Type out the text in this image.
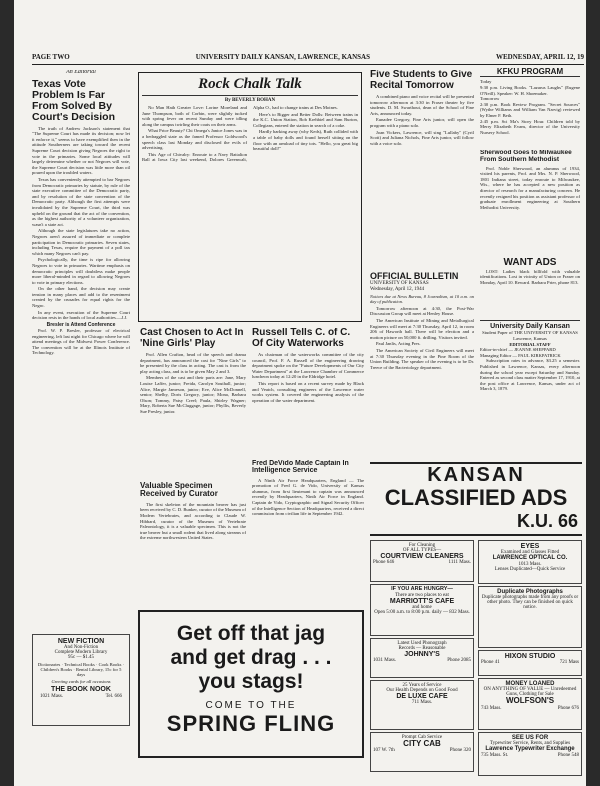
PAGE TWO	UNIVERSITY DAILY KANSAN, LAWRENCE, KANSAS	WEDNESDAY, APRIL 12, 19
An Editorial
Texas Vote Problem Is Far From Solved By Court's Decision

The truth of Andrew Jackson's statement that "The Supreme Court has made its decision; now let it enforce it," seems to have exemplified then in the attitude Southerners are taking toward the recent Supreme Court decision giving Negroes the right to vote in the primaries. Some local attitudes will largely determine whether or not Negroes will vote, the Supreme Court decision was little more than oil poured upon the troubled waters.

Texas has conveniently attempted to bar Negroes from Democratic primaries by statute, by rule of the state executive committee of the Democratic party, and by resolution of the state convention of the Democratic party. Although the first attempts were invalidated by the Supreme Court, the third was upheld on the ground that the act of the convention, as the highest authority of a volunteer organization, wasn't a state act.

Although the state legislatures take no action, Negroes aren't assured of immediate or complete participation in Democratic primaries. Seven states, including Texas, require the payment of a poll tax which many Negroes can't pay.

Psychologically, the time is ripe for allowing Negroes to vote in primaries. Wartime emphasis on democratic principles will doubtless make people more liberal-minded in regard to allowing Negroes to vote in primary elections.

On the other hand, the decision may create tension in many places and add to the resentment created by the crusades for equal rights for the Negro.

In any event, execution of the Supreme Court decision rests in the hands of local authorities.—J.J.

Bresler is Attend Conference

Prof. W. P. Bresler, professor of electrical engineering, left last night for Chicago where he will attend meetings of the Midwest Power Conference. The convention will be at the Illinois Institute of Technology.

NEW FICTION
And Non-Fiction
Complete Modern Library
95c — $1.45
Dictionaries · Technical Books · Cook Books · Children's Books · Rental Library, 15c for 5 days
Greeting cards for all occasions
THE BOOK NOOK
1021 Mass.	Tel. 666
Rock Chalk Talk
By BEVERLY BOHAN

No Man Hath Greater Love: Lorine Moreland and June Thompson, both of Corbin, were slightly tucked with spring fever on recent Sunday and were idling along the campus twirling their coats on their arms.

What Price Beauty? Chi Omega's Janice Jones was in a bedraggled state as the famed Professor Goldwood's speech class last Monday and disclosed the evils of advertising.

This Age of Chivalry: Enroute to a Navy Battalion Ball at Iowa City last weekend, Dolores Greenwalt, Alpha O., had to change trains at Des Moines.

Here's to Bigger and Better Dolls: Between trains in the K.C. Union Station, Bob Krehbiel and Sam Burton, Collegians, entered the station in search of a coke.

Hardly barking away (why Keds), Ruth collided with a table of baby dolls and found herself sitting on the floor with an armload of tiny tots. "Hello, you great big beautiful doll!"

Cast Chosen to Act In 'Nine Girls' Play

Prof. Allen Crafton, head of the speech and drama department, has announced the cast for "Nine Girls" to be presented by the class in acting. The cast is from the play acting class, and is to be given May 2 and 3.

Members of the cast and their parts are: Jane, Mary Louise Laffer, junior; Freida, Carolyn Southall, junior; Alice, Margie Jameson, junior; Eve, Alice McDonnell, senior; Shelby, Doris Gregory, junior; Mona, Barbara Olson; Tommy, Patsy Creel; Paula, Shirley Wagner; Mary, Roberta Sue McCluggage, junior; Phyllis, Beverly Sue Presley, junior.

Valuable Specimen Received by Curator

The first skeleton of the mountain beaver has just been received by C. D. Bunker, curator of the Museum of Modern Vertebrates, and according to Claude W. Hibbard, curator of the Museum of Vertebrate Paleontology, it is a valuable specimen. This is not the true beaver but a small rodent that lived along streams of the extreme northwestern United States.

Russell Tells C. of C. Of City Waterworks

As chairman of the waterworks committee of the city council, Prof. F. A. Russell of the engineering drawing department spoke on the "Future Developments of Our City Water Department" at the Lawrence Chamber of Commerce luncheon today at 12:20 in the Eldridge hotel.

This report is based on a recent survey made by Black and Veatch, consulting engineers of the Lawrence water works system. It covered the engineering analysis of the operation of the water department.

Fred DeVido Made Captain In Intelligence Service

A Ninth Air Force Headquarters, England — The promotion of Fred G. de Vido, University of Kansas alumnus, from first lieutenant to captain was announced recently by Headquarters, Ninth Air Force in England. Captain de Vido, Cryptographic and Signal Security Officer of the Intelligence Section of Headquarters, received a direct commission from civilian life in September 1942.

Get off that jag
and get drag . . .
you stags!
COME TO THE
SPRING FLING
Five Students to Give Recital Tomorrow

A combined piano and voice recital will be presented tomorrow afternoon at 3:30 in Fraser theater by five students. D. M. Swarthout, dean of the School of Fine Arts, announced today.

Eunadee Gregory, Fine Arts junior, will open the program with a piano solo.

Joan Vickers, Lawrence, will sing "Lullaby" (Cyril Scott) and Juliana Nichols, Fine Arts junior, will follow with a voice solo.

OFFICIAL BULLETIN
UNIVERSITY OF KANSAS
Wednesday, April 12, 1944
Notices due at News Bureau, 8 Journalism, at 10 a.m. on day of publication.

Tomorrow afternoon at 4:30, the Post-War Discussion Group will meet at Henley House.

The American Institute of Mining and Metallurgical Engineers will meet at 7:30 Thursday, April 12, in room 206 of Haworth hall. There will be election and a motion picture on 50,000 ft. drilling. Visitors invited.

Paul Janlis, Acting Pres.

The American Society of Civil Engineers will meet at 7:30 Thursday evening in the Pine Room of the Union Building. The speaker of the evening is to be Dr. Treece of the Bacteriology department.

KFKU PROGRAM
Today
9:30 p.m. Living Books. "Lazarus Laughs" (Eugene O'Neill). Speaker: W. H. Shoemaker.
Tomorrow
2:30 p.m. Book Review Program. "Secret Sources" (Wythe Williams and William Van Narvig) reviewed by Elmer F. Beth.
2:45 p.m. Sci Ma's Story Hour. Children told by Merry Elizabeth Evans, director of the University Nursery School.
Sherwood Goes to Milwaukee From Southern Methodist

Prof. Noble Sherwood, an alumnus of 1934, visited his parents, Prof. and Mrs. N. P. Sherwood, 1801 Indiana street, today enroute to Milwaukee, Wis., where he has accepted a new position as director of research for a manufacturing concern. He recently resigned his position as assistant professor of graduate enrollment engineering at Southern Methodist University.

WANT ADS

LOST: Ladies black billfold with valuable identifications. Lost in vicinity of Union or Fraser on Monday, April 10. Reward. Barbara Prier, phone 813.

University Daily Kansan
Student Paper of THE UNIVERSITY OF KANSAS
Lawrence, Kansas
EDITORIAL STAFF
Editor-in-chief — JEANNE SHEPPARD
Managing Editor — PAUL KIRKPATRICK

Subscription rates in advance, $3.25 a semester. Published in Lawrence, Kansas, every afternoon during the school year except Saturday and Sunday. Entered as second class matter September 17, 1910, at the post office at Lawrence, Kansas, under act of March 3, 1879.

KANSAN
CLASSIFIED ADS
K.U. 66
For Cleaning
OF ALL TYPES—
COURTVIEW CLEANERS
Phone 646	1111 Mass.
IF YOU ARE HUNGRY—
There are two places to eat
MARRIOTT'S CAFE
and home
Open 5:00 a.m. to 8:00 p.m. daily — 832 Mass.
Latest Used Phonograph
Records — Reasonable
JOHNNY'S
1031 Mass.	Phone 2085
25 Years of Service
Our Health Depends on Good Food
DE LUXE CAFE
711 Mass.
Prompt Cab Service
CITY CAB
107 W. 7th	Phone 320
EYES
Examined and Glasses Fitted
LAWRENCE OPTICAL CO.
1013 Mass.
Lenses Duplicated—Quick Service
Duplicate Photographs
Duplicate photographs made from any proofs or other photo. They can be finished on quick notice.
HIXON STUDIO
Phone 41	721 Mass
MONEY LOANED
ON ANYTHING OF VALUE — Unredeemed Guns, Clothing for Sale
WOLFSON'S
743 Mass.	Phone 676
SEE US FOR
Typewriter Service, Rents, and Supplies
Lawrence Typewriter Exchange
735 Mass. St.	Phone 548
